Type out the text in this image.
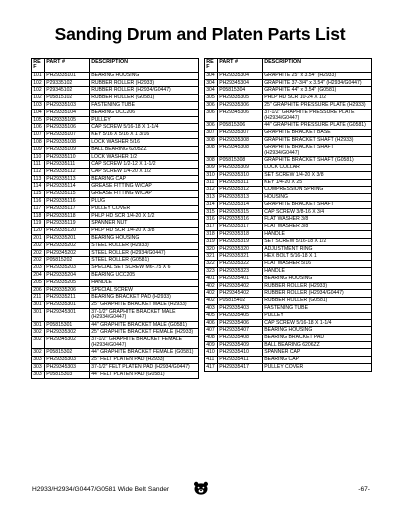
Sanding Drum and Platen Parts List
REF	PART #	DESCRIPTION
101	PH29335101	BEARING HOUSING
102	P29335102	RUBBER ROLLER (H2933)
102	P29345102	RUBBER ROLLER (H2934/G0447)
102	P05815102	RUBBER ROLLER (G0581)
103	PH29335103	FASTENING TUBE
104	PH29335104	BEARING UCC206
105	PH29335105	PULLEY
106	PH29335106	CAP SCREW 5/16-18 X 1-1/4
107	PH29335107	KEY 5/16 X 5/16 X 1 3/16
108	PH29335108	LOCK WASHER 5/16
109	PH29335109	BALL BEARING 6205ZZ
110	PH29335110	LOCK WASHER 1/2
111	PH29335111	CAP SCREW 1/2-12 X 1-1/2
112	PH29335112	CAP SCREW 1/4-20 X 1/2
113	PH29335113	BEARING CAP
114	PH29335114	GREASE FITTING W/CAP
115	PH29335115	GREASE FITTING W/CAP
116	PH29335116	PLUG
117	PH29335117	PULLEY COVER
118	PH29335118	PHLP HD SCR 1/4-20 X 1/2
119	PH29335119	SPANNER NUT
120	PH29335120	PHLP HD SCR 1/4-20 X 3/8
201	PH29335201	BEARING HOUSING
202	PH29335202	STEEL ROLLER (H2933)
202	PH29345202	STEEL ROLLER (H2934/G0447)
202	P05815202	STEEL ROLLER (G0581)
203	PH29335203	SPECIAL SET SCREW M6-.75 X 6
204	PH29335204	BEARING UCC205
205	PH29335205	HANDLE
206	PH29335206	SPECIAL SCREW
211	PH29335211	BEARING BRACKET PAD (H2933)
301	PH29335301	25" GRAPHITE BRACKET MALE (H2933)
301	PH29345301	37-1/2" GRAPHITE BRACKET MALE (H2934/G0447)
301	P05815301	44" GRAPHITE BRACKET MALE (G0581)
302	PH29335302	25" GRAPHITE BRACKET FEMALE (H2933)
302	PH29345302	37-1/2" GRAPHITE BRACKET FEMALE (H2934/G0447)
302	P05815302	44" GRAPHITE BRACKET FEMALE (G0581)
303	PH29335303	25" FELT PLATEN PAD (H2933)
303	PH29345303	37-1/2" FELT PLATEN PAD (H2934/G0447)
303	P05815303	44" FELT PLATEN PAD (G0581)
REF	PART #	DESCRIPTION
304	PH29335304	GRAPHITE 25" x 3.54" (H2933)
304	PH29345304	GRAPHITE 37-3/4" x 3.54" (H2934/G0447)
304	P05815304	GRAPHITE 44" x 3.54" (G0581)
305	PH29335305	PHLP HD SCR 10-24 X 1/2
306	PH29335306	25" GRAPHITE PRESSURE PLATE (H2933)
306	PH29345306	37-1/2" GRAPHITE PRESSURE PLATE (H2934/G0447)
306	P05815306	44" GRAPHITE PRESSURE PLATE (G0581)
307	PH29335307	GRAPHITE BRACKET BASE
308	PH29335308	GRAPHITE BRACKET SHAFT (H2933)
308	PH29345308	GRAPHITE BRACKET SHAFT (H2934/G0447)
308	P05815308	GRAPHITE BRACKET SHAFT (G0581)
309	PH29335309	LOCK COLLAR
310	PH29335310	SET SCREW 1/4-20 X 3/8
311	PH29335311	KEY 1/4-20 X 25
312	PH29335312	COMPRESSION SPRING
313	PH29335313	HOUSING
314	PH29335314	GRAPHITE BRACKET SHAFT
315	PH29335315	CAP SCREW 3/8-16 X 3/4
316	PH29335316	FLAT WASHER 3/8
317	PH29335317	FLAT WASHER 3/8
318	PH29335318	HANDLE
319	PH29335319	SET SCREW 5/16-18 X 1/2
320	PH29335320	ADJUSTMENT RING
321	PH29335321	HEX BOLT 5/16-18 X 1
322	PH29335322	FLAT WASHER 5/16
323	PH29335323	HANDLE
401	PH29335401	BEARING HOUSING
402	PH29335402	RUBBER ROLLER (H2933)
402	PH29345402	RUBBER ROLLER (H2934/G0447)
402	P05815402	RUBBER ROLLER (G0581)
403	PH29335403	FASTENING TUBE
405	PH29335405	PULLEY
406	PH29335406	CAP SCREW 5/16-18 X 1-1/4
407	PH29335407	BEARING HOUSING
408	PH29335408	BEARING BRACKET PAD
409	PH29335409	BALL BEARING 6206ZZ
410	PH29335410	SPANNER CAP
411	PH29335411	BEARING CAP
417	PH29335417	PULLEY COVER
H2933/H2934/G0447/G0581 Wide Belt Sander	-67-
